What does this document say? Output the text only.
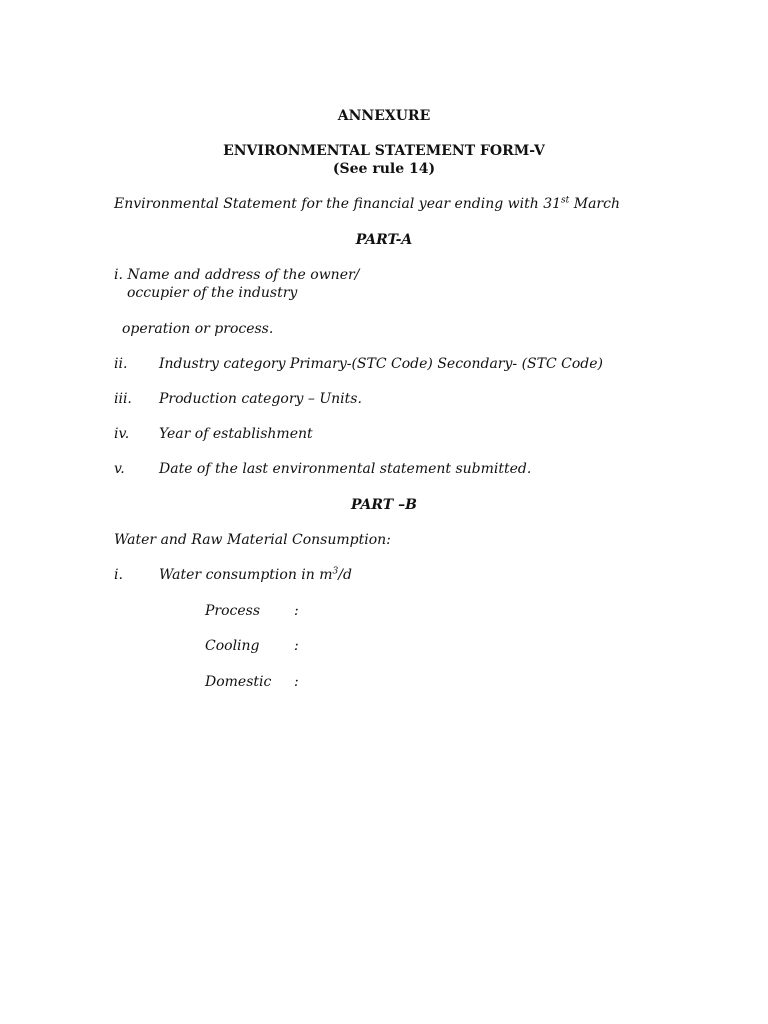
ANNEXURE
ENVIRONMENTAL STATEMENT FORM-V
(See rule 14)
Environmental Statement for the financial year ending with 31st March
PART-A
i. Name and address of the owner/
occupier of the industry
operation or process.
ii. Industry category Primary-(STC Code) Secondary- (STC Code)
iii. Production category – Units.
iv. Year of establishment
v. Date of the last environmental statement submitted.
PART –B
Water and Raw Material Consumption:
i.	Water consumption in $m^3/d$
Process :
Cooling :
Domestic :
